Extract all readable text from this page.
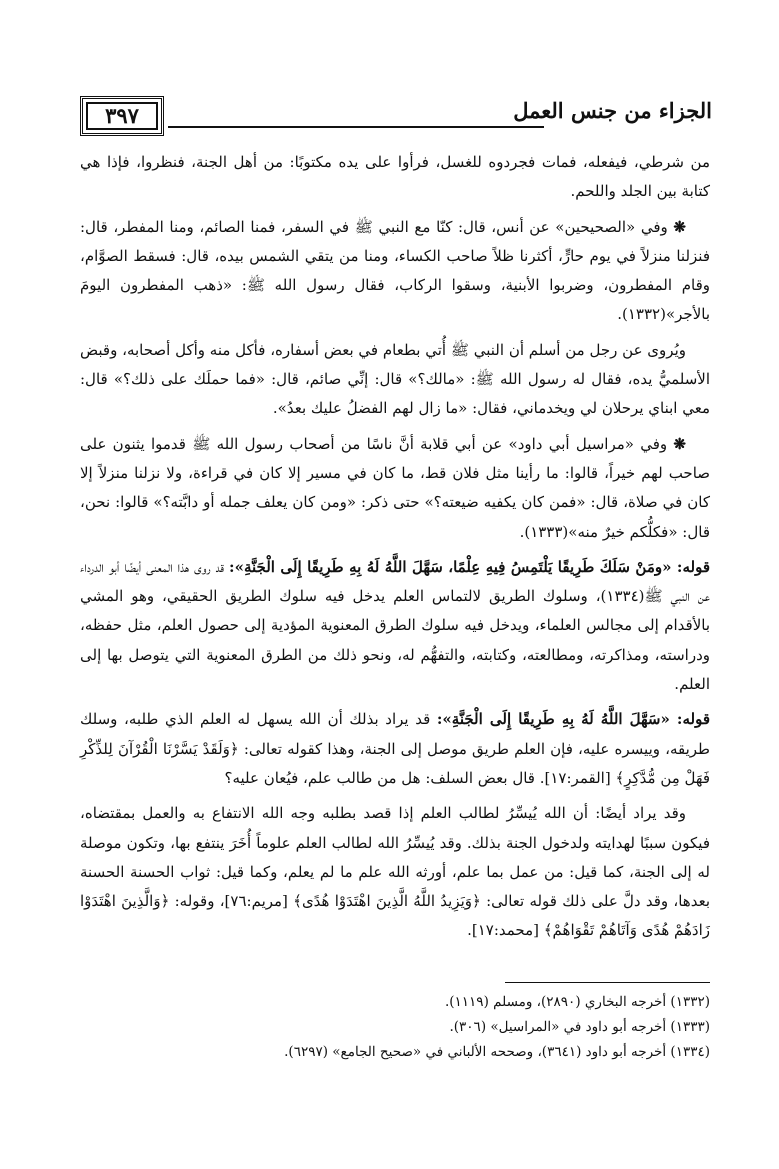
الجزاء من جنس العمل
٣٩٧

من شرطي، فيفعله، فمات فجردوه للغسل، فرأوا على يده مكتوبًا: من أهل الجنة، فنظروا، فإذا هي كتابة بين الجلد واللحم.

❋ وفي «الصحيحين» عن أنس، قال: كنّا مع النبي ﷺ في السفر، فمنا الصائم، ومنا المفطر، قال: فنزلنا منزلاً في يوم حارٍّ، أكثرنا ظلاً صاحب الكساء، ومنا من يتقي الشمس بيده، قال: فسقط الصوَّام، وقام المفطرون، وضربوا الأبنية، وسقوا الركاب، فقال رسول الله ﷺ: «ذهب المفطرون اليومَ بالأجر»(١٣٣٢).

ويُروى عن رجل من أسلم أن النبي ﷺ أُتي بطعام في بعض أسفاره، فأكل منه وأكل أصحابه، وقبض الأسلميُّ يده، فقال له رسول الله ﷺ: «مالك؟» قال: إنِّي صائم، قال: «فما حملَك على ذلك؟» قال: معي ابناي يرحلان لي ويخدماني، فقال: «ما زال لهم الفضلُ عليك بعدُ».

❋ وفي «مراسيل أبي داود» عن أبي قلابة أنَّ ناسًا من أصحاب رسول الله ﷺ قدموا يثنون على صاحب لهم خيراً، قالوا: ما رأينا مثل فلان قط، ما كان في مسير إلا كان في قراءة، ولا نزلنا منزلاً إلا كان في صلاة، قال: «فمن كان يكفيه ضيعته؟» حتى ذكر: «ومن كان يعلف جمله أو دابَّته؟» قالوا: نحن، قال: «فكلُّكم خيرٌ منه»(١٣٣٣).

قوله: «ومَنْ سَلَكَ طَرِيقًا يَلْتَمِسُ فِيهِ عِلْمًا، سَهَّلَ اللَّهُ لَهُ بِهِ طَرِيقًا إِلَى الْجَنَّةِ»: قد روى هذا المعنى أيضًا أبو الدرداء عن النبي ﷺ(١٣٣٤)، وسلوك الطريق لالتماس العلم يدخل فيه سلوك الطريق الحقيقي، وهو المشي بالأقدام إلى مجالس العلماء، ويدخل فيه سلوك الطرق المعنوية المؤدية إلى حصول العلم، مثل حفظه، ودراسته، ومذاكرته، ومطالعته، وكتابته، والتفهُّم له، ونحو ذلك من الطرق المعنوية التي يتوصل بها إلى العلم.

قوله: «سَهَّلَ اللَّهُ لَهُ بِهِ طَرِيقًا إِلَى الْجَنَّةِ»: قد يراد بذلك أن الله يسهل له العلم الذي طلبه، وسلك طريقه، وييسره عليه، فإن العلم طريق موصل إلى الجنة، وهذا كقوله تعالى: ﴿وَلَقَدْ يَسَّرْنَا الْقُرْآنَ لِلذِّكْرِ فَهَلْ مِن مُّدَّكِرٍ﴾ [القمر:١٧]. قال بعض السلف: هل من طالب علم، فيُعان عليه؟

وقد يراد أيضًا: أن الله يُيسِّرُ لطالب العلم إذا قصد بطلبه وجه الله الانتفاع به والعمل بمقتضاه، فيكون سببًا لهدايته ولدخول الجنة بذلك. وقد يُيسِّرُ الله لطالب العلم علوماً أُخَرَ ينتفع بها، وتكون موصلة له إلى الجنة، كما قيل: من عمل بما علم، أورثه الله علم ما لم يعلم، وكما قيل: ثواب الحسنة الحسنة بعدها، وقد دلَّ على ذلك قوله تعالى: ﴿وَيَزِيدُ اللَّهُ الَّذِينَ اهْتَدَوْا هُدًى﴾ [مريم:٧٦]، وقوله: ﴿وَالَّذِينَ اهْتَدَوْا زَادَهُمْ هُدًى وَآتَاهُمْ تَقْوَاهُمْ﴾ [محمد:١٧].

(١٣٣٢) أخرجه البخاري (٢٨٩٠)، ومسلم (١١١٩).

(١٣٣٣) أخرجه أبو داود في «المراسيل» (٣٠٦).

(١٣٣٤) أخرجه أبو داود (٣٦٤١)، وصححه الألباني في «صحيح الجامع» (٦٢٩٧).
